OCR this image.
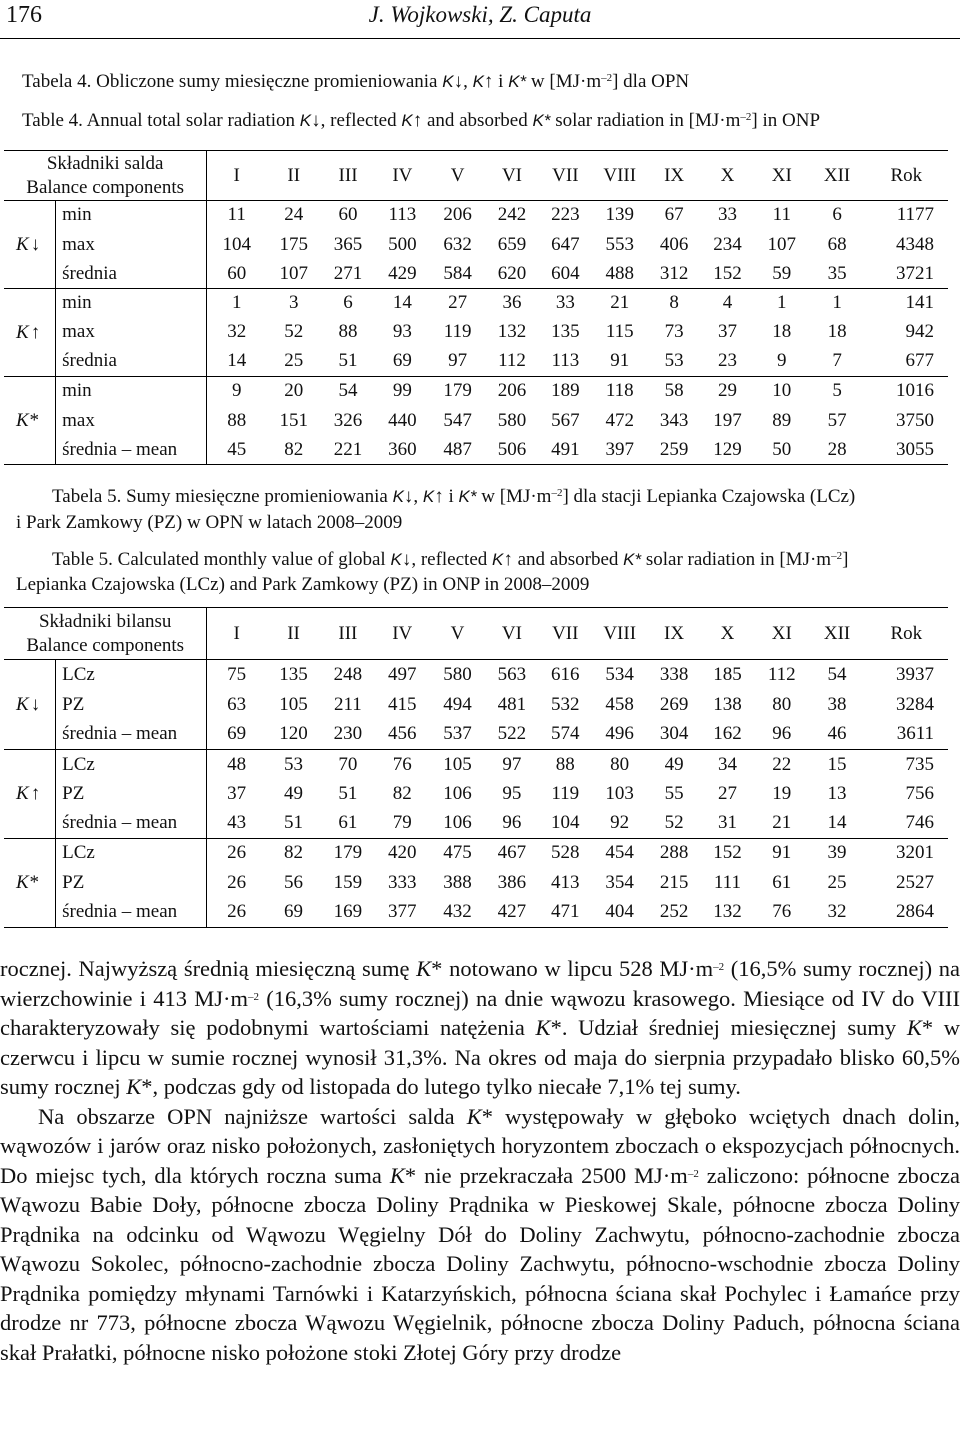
176	J. Wojkowski, Z. Caputa
Tabela 4. Obliczone sumy miesięczne promieniowania K↓, K↑ i K* w $[MJ\cdot m^{-2}]$ dla OPN
Table 4. Annual total solar radiation K↓, reflected K↑ and absorbed K* solar radiation in $[MJ\cdot m^{-2}]$ in ONP
Składniki salda
Balance components		I	II	III	IV	V	VI	VII	VIII	IX	X	XI	XII	Rok
K ↓	min	11	24	60	113	206	242	223	139	67	33	11	6	1177
	max	104	175	365	500	632	659	647	553	406	234	107	68	4348
	średnia	60	107	271	429	584	620	604	488	312	152	59	35	3721
K ↑	min	1	3	6	14	27	36	33	21	8	4	1	1	141
	max	32	52	88	93	119	132	135	115	73	37	18	18	942
	średnia	14	25	51	69	97	112	113	91	53	23	9	7	677
K*	min	9	20	54	99	179	206	189	118	58	29	10	5	1016
	max	88	151	326	440	547	580	567	472	343	197	89	57	3750
	średnia – mean	45	82	221	360	487	506	491	397	259	129	50	28	3055
Tabela 5. Sumy miesięczne promieniowania K↓, K↑ i K* w $[MJ\cdot m^{-2}]$ dla stacji Lepianka Czajowska (LCz)
i Park Zamkowy (PZ) w OPN w latach 2008–2009
Table 5. Calculated monthly value of global K↓, reflected K↑ and absorbed K* solar radiation in $[MJ\cdot m^{-2}]$
Lepianka Czajowska (LCz) and Park Zamkowy (PZ) in ONP in 2008–2009
Składniki bilansu
Balance components		I	II	III	IV	V	VI	VII	VIII	IX	X	XI	XII	Rok
K ↓	LCz	75	135	248	497	580	563	616	534	338	185	112	54	3937
	PZ	63	105	211	415	494	481	532	458	269	138	80	38	3284
	średnia – mean	69	120	230	456	537	522	574	496	304	162	96	46	3611
K ↑	LCz	48	53	70	76	105	97	88	80	49	34	22	15	735
	PZ	37	49	51	82	106	95	119	103	55	27	19	13	756
	średnia – mean	43	51	61	79	106	96	104	92	52	31	21	14	746
K*	LCz	26	82	179	420	475	467	528	454	288	152	91	39	3201
	PZ	26	56	159	333	388	386	413	354	215	111	61	25	2527
	średnia – mean	26	69	169	377	432	427	471	404	252	132	76	32	2864

rocznej. Najwyższą średnią miesięczną sumę K* notowano w lipcu 528 $MJ\cdot m^{-2}$ (16,5% sumy rocznej) na wierzchowinie i 413 $MJ\cdot m^{-2}$ (16,3% sumy rocznej) na dnie wąwozu krasowego. Miesiące od IV do VIII charakteryzowały się podobnymi wartościami natężenia K*. Udział średniej miesięcznej sumy K* w czerwcu i lipcu w sumie rocznej wynosił 31,3%. Na okres od maja do sierpnia przypadało blisko 60,5% sumy rocznej K*, podczas gdy od listopada do lutego tylko niecałe 7,1% tej sumy.

Na obszarze OPN najniższe wartości salda K* występowały w głęboko wciętych dnach dolin, wąwozów i jarów oraz nisko położonych, zasłoniętych horyzontem zboczach o ekspozycjach północnych. Do miejsc tych, dla których roczna suma K* nie przekraczała 2500 $MJ\cdot m^{-2}$ zaliczono: północne zbocza Wąwozu Babie Doły, północne zbocza Doliny Prądnika w Pieskowej Skale, północne zbocza Doliny Prądnika na odcinku od Wąwozu Węgielny Dół do Doliny Zachwytu, północno-zachodnie zbocza Wąwozu Sokolec, północno-zachodnie zbocza Doliny Zachwytu, północno-wschodnie zbocza Doliny Prądnika pomiędzy młynami Tarnówki i Katarzyńskich, północna ściana skał Pochylec i Łamańce przy drodze nr 773, północne zbocza Wąwozu Węgielnik, północne zbocza Doliny Paduch, północna ściana skał Prałatki, północne nisko położone stoki Złotej Góry przy drodze
